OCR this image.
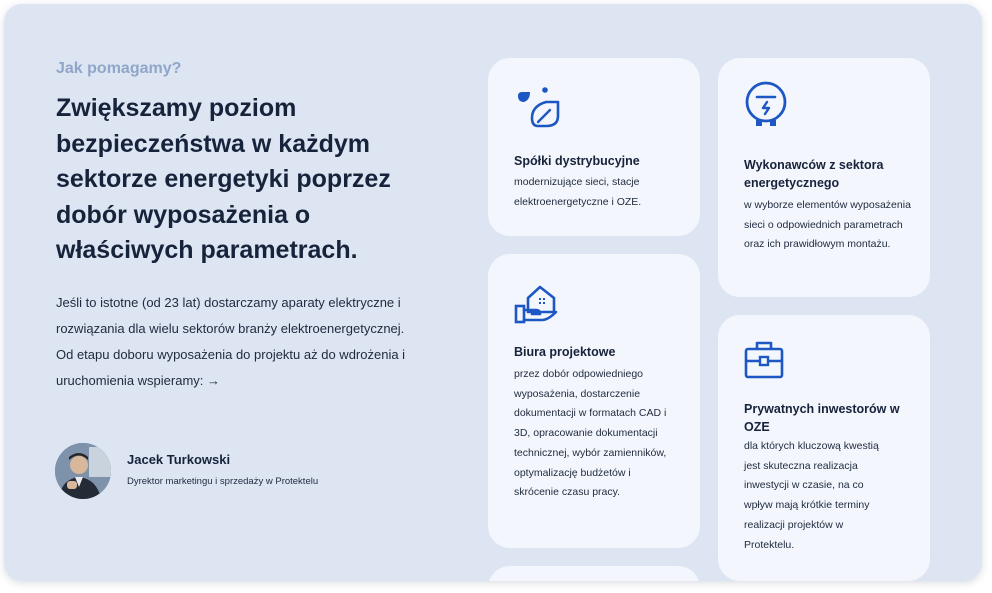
Jak pomagamy?
Zwiększamy poziom bezpieczeństwa w każdym sektorze energetyki poprzez dobór wyposażenia o właściwych parametrach.

Jeśli to istotne (od 23 lat) dostarczamy aparaty elektryczne i rozwiązania dla wielu sektorów branży elektroenergetycznej. Od etapu doboru wyposażenia do projektu aż do wdrożenia i uruchomienia wspieramy: →

Jacek Turkowski
Dyrektor marketingu i sprzedaży w Protektelu
Spółki dystrybucyjne
modernizujące sieci, stacje elektroenergetyczne i OZE.
Wykonawców z sektora energetycznego
w wyborze elementów wyposażenia sieci o odpowiednich parametrach oraz ich prawidłowym montażu.
Biura projektowe
przez dobór odpowiedniego wyposażenia, dostarczenie dokumentacji w formatach CAD i 3D, opracowanie dokumentacji technicznej, wybór zamienników, optymalizację budżetów i skrócenie czasu pracy.
Prywatnych inwestorów w OZE
dla których kluczową kwestią jest skuteczna realizacja inwestycji w czasie, na co wpływ mają krótkie terminy realizacji projektów w Protektelu.
